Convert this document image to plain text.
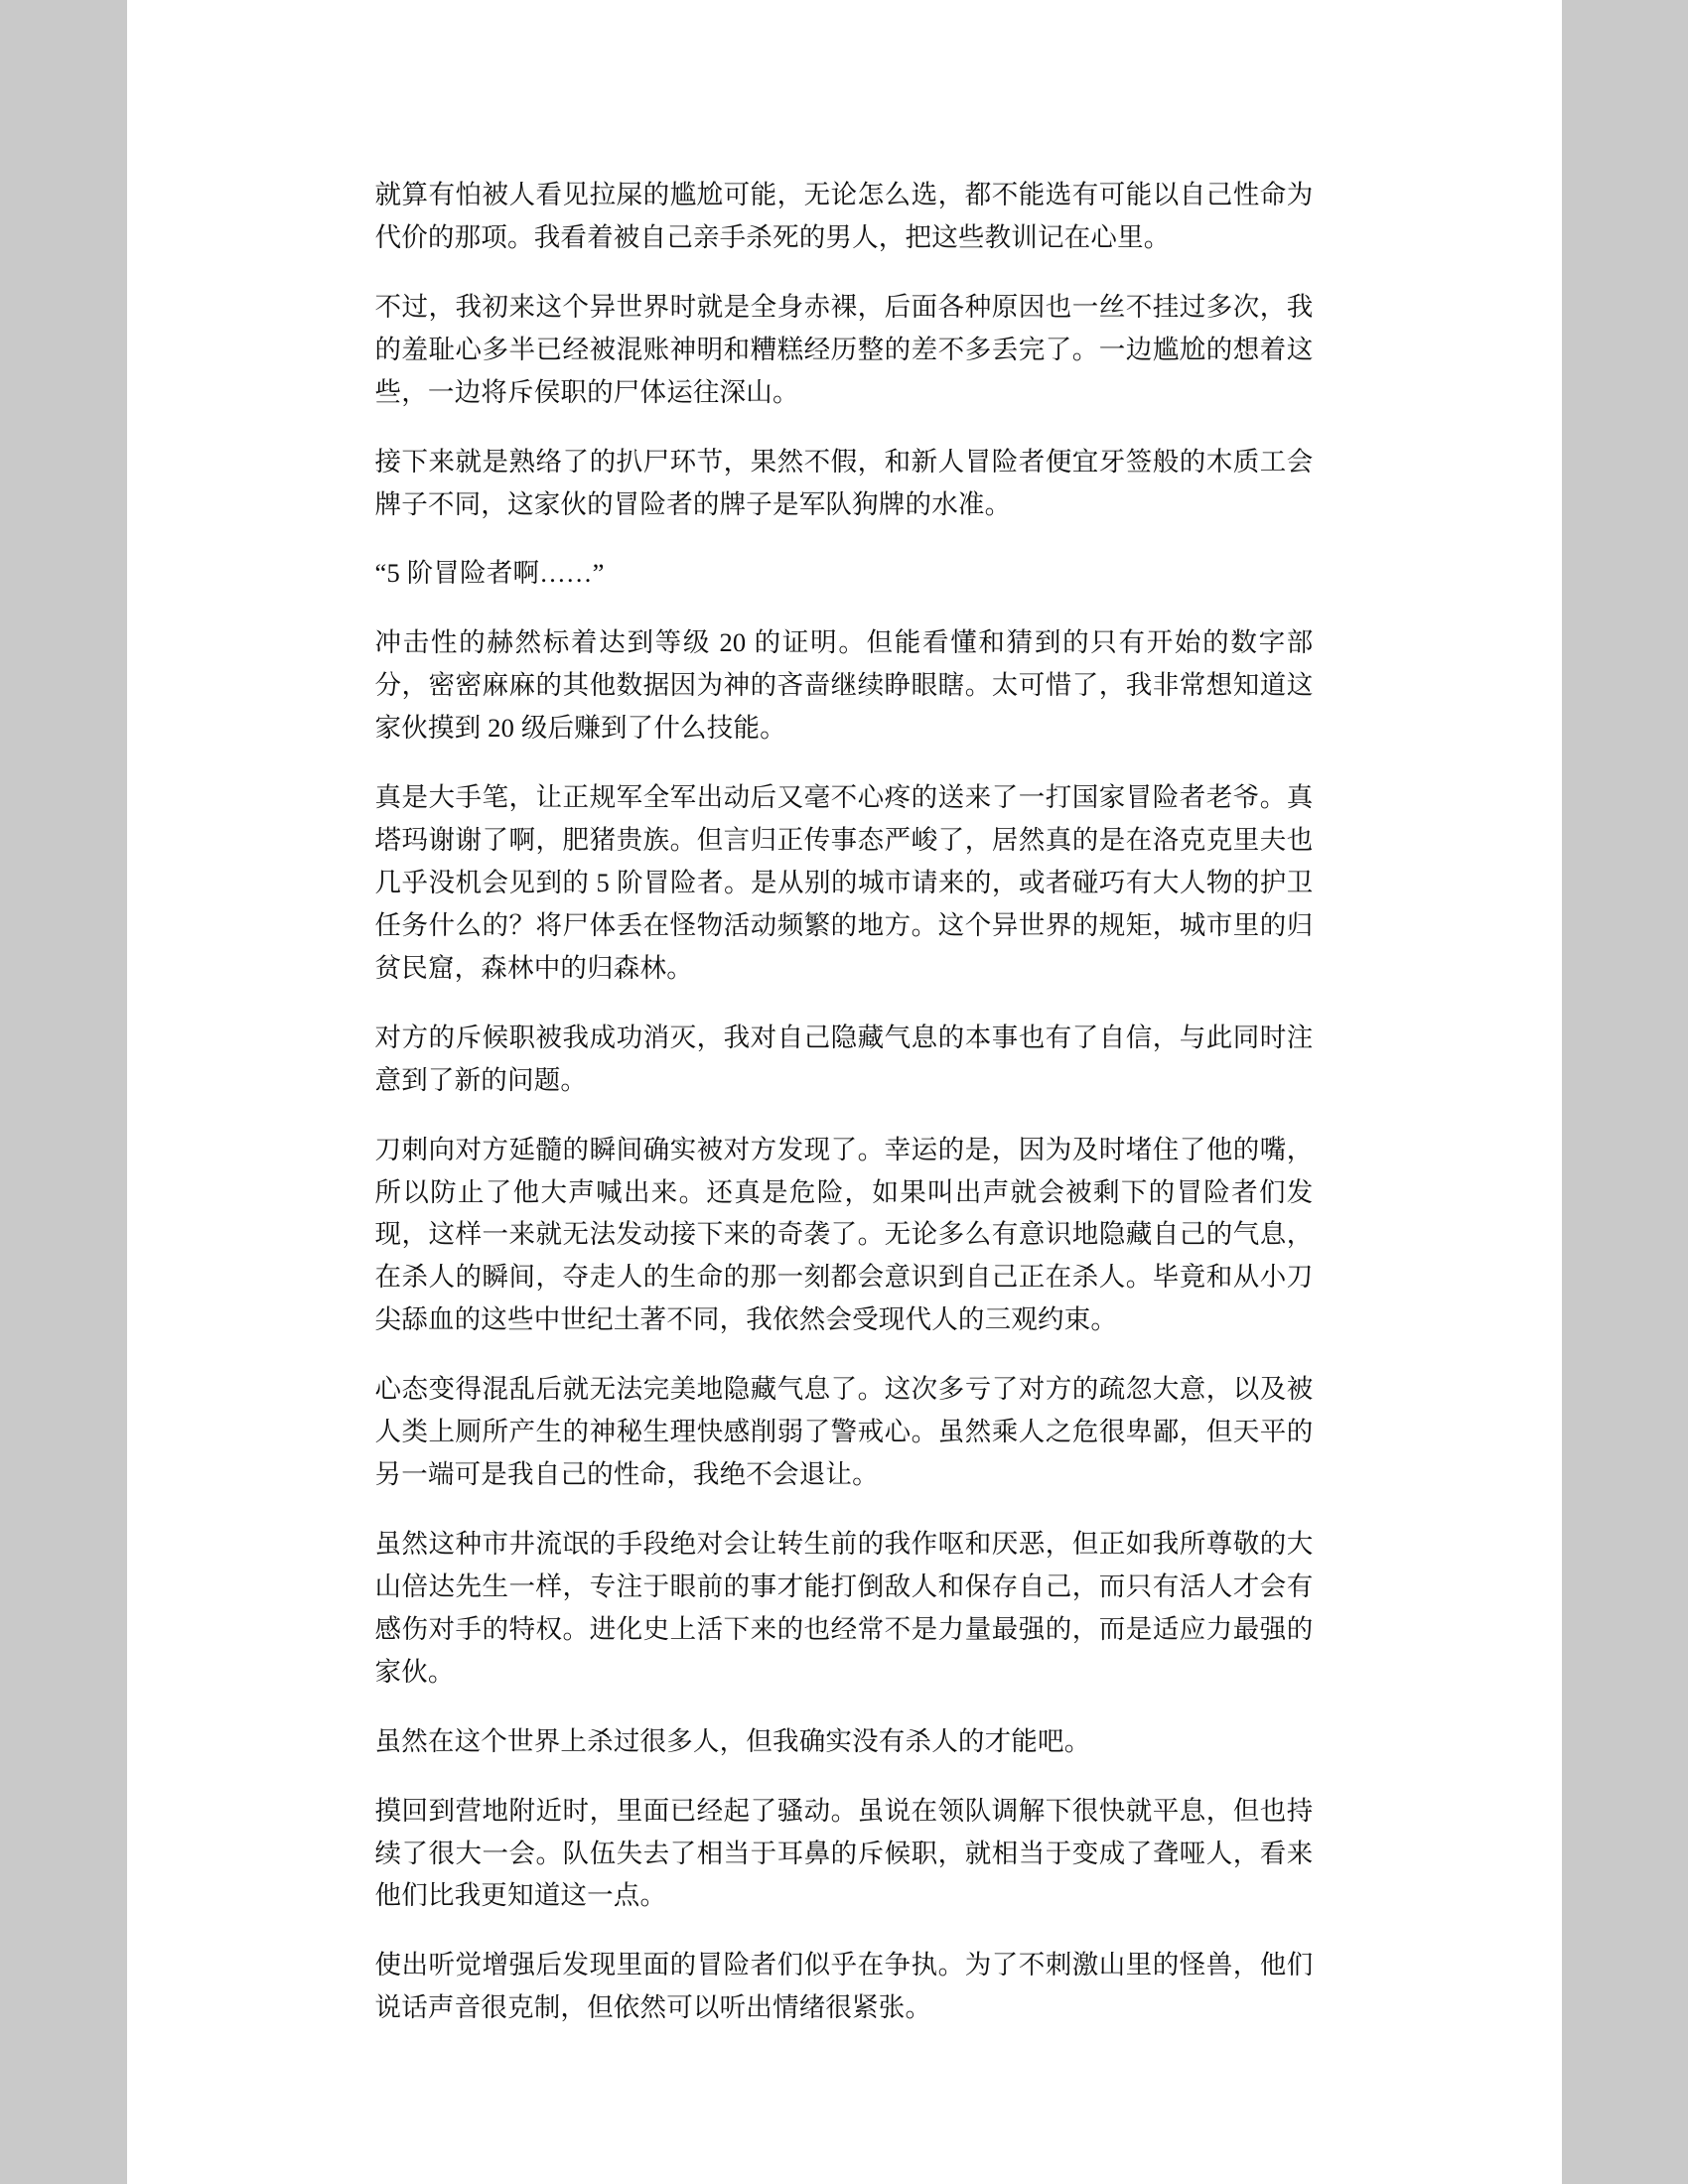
就算有怕被人看见拉屎的尴尬可能，无论怎么选，都不能选有可能以自己性命为代价的那项。我看着被自己亲手杀死的男人，把这些教训记在心里。

不过，我初来这个异世界时就是全身赤裸，后面各种原因也一丝不挂过多次，我的羞耻心多半已经被混账神明和糟糕经历整的差不多丢完了。一边尴尬的想着这些，一边将斥侯职的尸体运往深山。

接下来就是熟络了的扒尸环节，果然不假，和新人冒险者便宜牙签般的木质工会牌子不同，这家伙的冒险者的牌子是军队狗牌的水准。

“5 阶冒险者啊……”

冲击性的赫然标着达到等级 20 的证明。但能看懂和猜到的只有开始的数字部分，密密麻麻的其他数据因为神的吝啬继续睁眼瞎。太可惜了，我非常想知道这家伙摸到 20 级后赚到了什么技能。

真是大手笔，让正规军全军出动后又毫不心疼的送来了一打国家冒险者老爷。真塔玛谢谢了啊，肥猪贵族。但言归正传事态严峻了，居然真的是在洛克克里夫也几乎没机会见到的 5 阶冒险者。是从别的城市请来的，或者碰巧有大人物的护卫任务什么的？将尸体丢在怪物活动频繁的地方。这个异世界的规矩，城市里的归贫民窟，森林中的归森林。

对方的斥候职被我成功消灭，我对自己隐藏气息的本事也有了自信，与此同时注意到了新的问题。

刀刺向对方延髓的瞬间确实被对方发现了。幸运的是，因为及时堵住了他的嘴，所以防止了他大声喊出来。还真是危险，如果叫出声就会被剩下的冒险者们发现，这样一来就无法发动接下来的奇袭了。无论多么有意识地隐藏自己的气息，在杀人的瞬间，夺走人的生命的那一刻都会意识到自己正在杀人。毕竟和从小刀尖舔血的这些中世纪土著不同，我依然会受现代人的三观约束。

心态变得混乱后就无法完美地隐藏气息了。这次多亏了对方的疏忽大意，以及被人类上厕所产生的神秘生理快感削弱了警戒心。虽然乘人之危很卑鄙，但天平的另一端可是我自己的性命，我绝不会退让。

虽然这种市井流氓的手段绝对会让转生前的我作呕和厌恶，但正如我所尊敬的大山倍达先生一样，专注于眼前的事才能打倒敌人和保存自己，而只有活人才会有感伤对手的特权。进化史上活下来的也经常不是力量最强的，而是适应力最强的家伙。

虽然在这个世界上杀过很多人，但我确实没有杀人的才能吧。

摸回到营地附近时，里面已经起了骚动。虽说在领队调解下很快就平息，但也持续了很大一会。队伍失去了相当于耳鼻的斥候职，就相当于变成了聋哑人，看来他们比我更知道这一点。

使出听觉增强后发现里面的冒险者们似乎在争执。为了不刺激山里的怪兽，他们说话声音很克制，但依然可以听出情绪很紧张。
